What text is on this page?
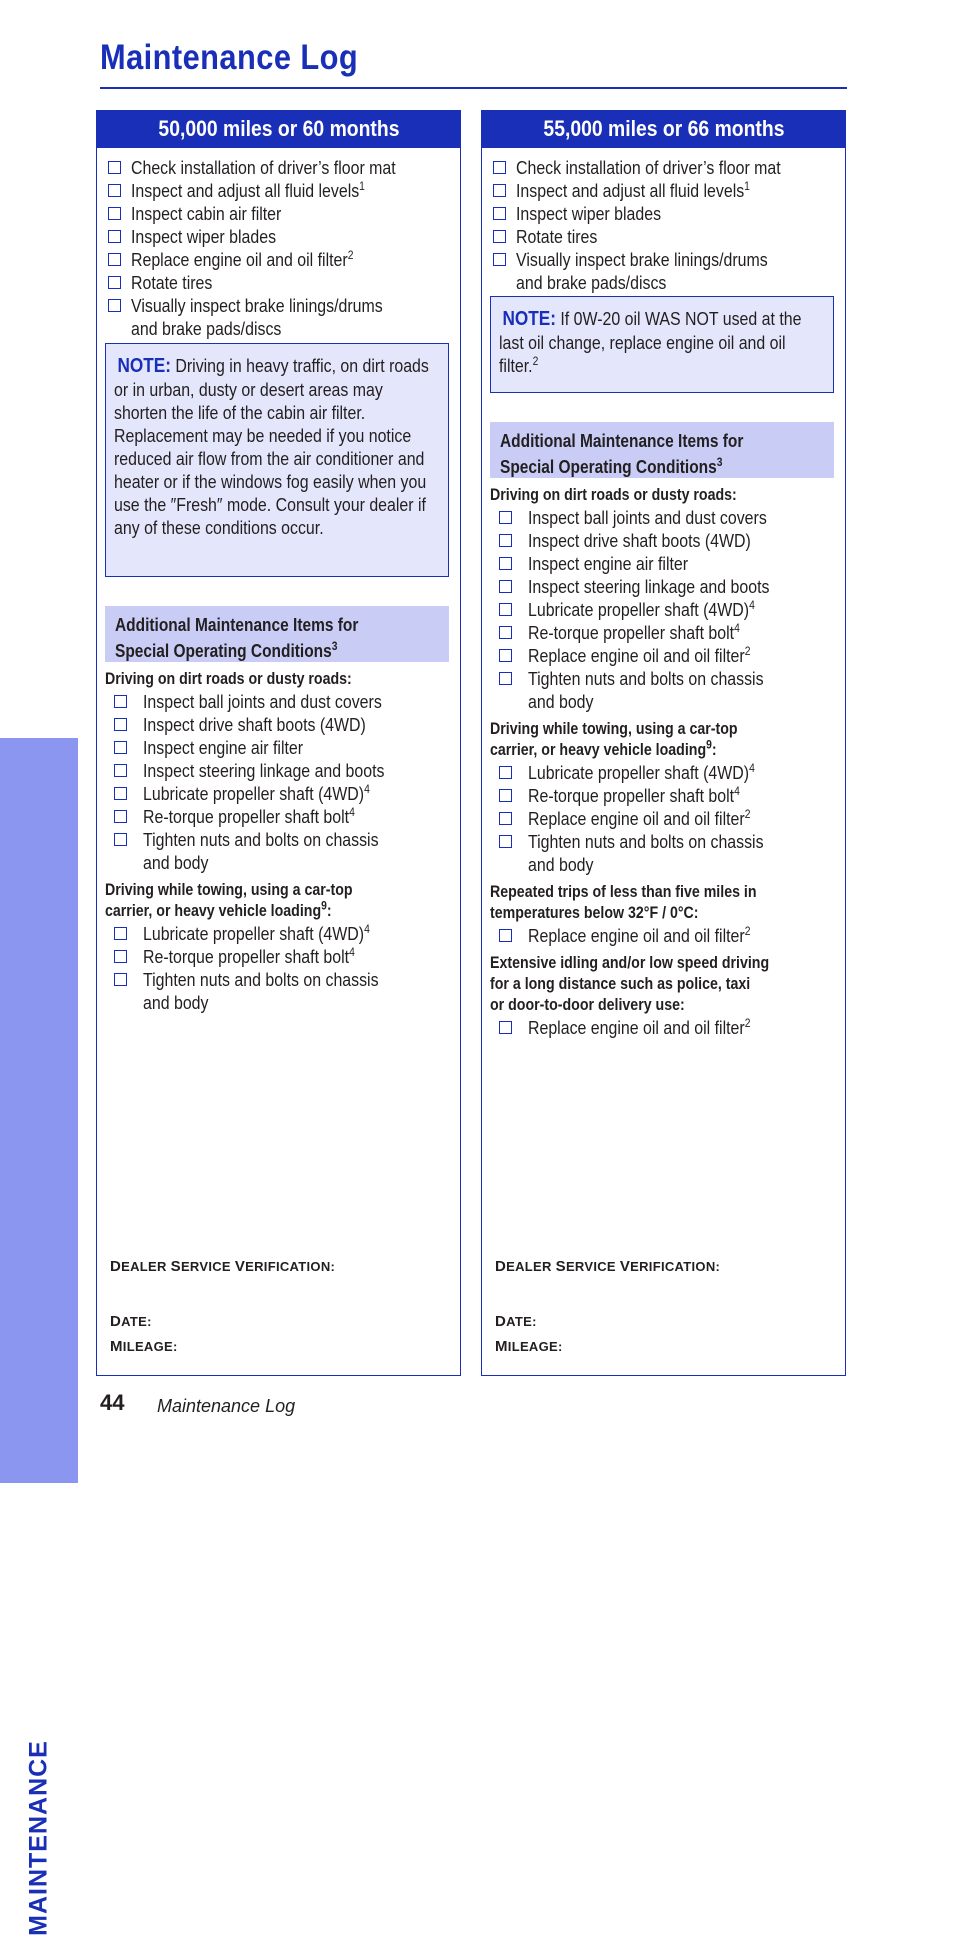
Maintenance Log
MAINTENANCE
50,000 miles or 60 months
Check installation of driver’s floor mat
Inspect and adjust all fluid levels$^1$
Inspect cabin air filter
Inspect wiper blades
Replace engine oil and oil filter$^2$
Rotate tires
Visually inspect brake linings/drums
and brake pads/discs
NOTE: Driving in heavy traffic, on dirt roads or in urban, dusty or desert areas may shorten the life of the cabin air filter. Replacement may be needed if you notice reduced air flow from the air conditioner and heater or if the windows fog easily when you use the ″Fresh″ mode. Consult your dealer if any of these conditions occur.
Additional Maintenance Items for
Special Operating Conditions$^3$
Driving on dirt roads or dusty roads:
Inspect ball joints and dust covers
Inspect drive shaft boots (4WD)
Inspect engine air filter
Inspect steering linkage and boots
Lubricate propeller shaft $(4WD)^4$
Re-torque propeller shaft bolt$^4$
Tighten nuts and bolts on chassis
and body
Driving while towing, using a car-top
carrier, or heavy vehicle loading$^9$:
Lubricate propeller shaft $(4WD)^4$
Re-torque propeller shaft bolt$^4$
Tighten nuts and bolts on chassis
and body
DEALER SERVICE VERIFICATION:
DATE:
MILEAGE:
55,000 miles or 66 months
Check installation of driver’s floor mat
Inspect and adjust all fluid levels$^1$
Inspect wiper blades
Rotate tires
Visually inspect brake linings/drums
and brake pads/discs
NOTE: If 0W-20 oil WAS NOT used at the last oil change, replace engine oil and oil filter.$^2$
Additional Maintenance Items for
Special Operating Conditions$^3$
Driving on dirt roads or dusty roads:
Inspect ball joints and dust covers
Inspect drive shaft boots (4WD)
Inspect engine air filter
Inspect steering linkage and boots
Lubricate propeller shaft $(4WD)^4$
Re-torque propeller shaft bolt$^4$
Replace engine oil and oil filter$^2$
Tighten nuts and bolts on chassis
and body
Driving while towing, using a car-top
carrier, or heavy vehicle loading$^9$:
Lubricate propeller shaft $(4WD)^4$
Re-torque propeller shaft bolt$^4$
Replace engine oil and oil filter$^2$
Tighten nuts and bolts on chassis
and body
Repeated trips of less than five miles in
temperatures below 32°F / 0°C:
Replace engine oil and oil filter$^2$
Extensive idling and/or low speed driving
for a long distance such as police, taxi
or door-to-door delivery use:
Replace engine oil and oil filter$^2$
DEALER SERVICE VERIFICATION:
DATE:
MILEAGE:
44 Maintenance Log
